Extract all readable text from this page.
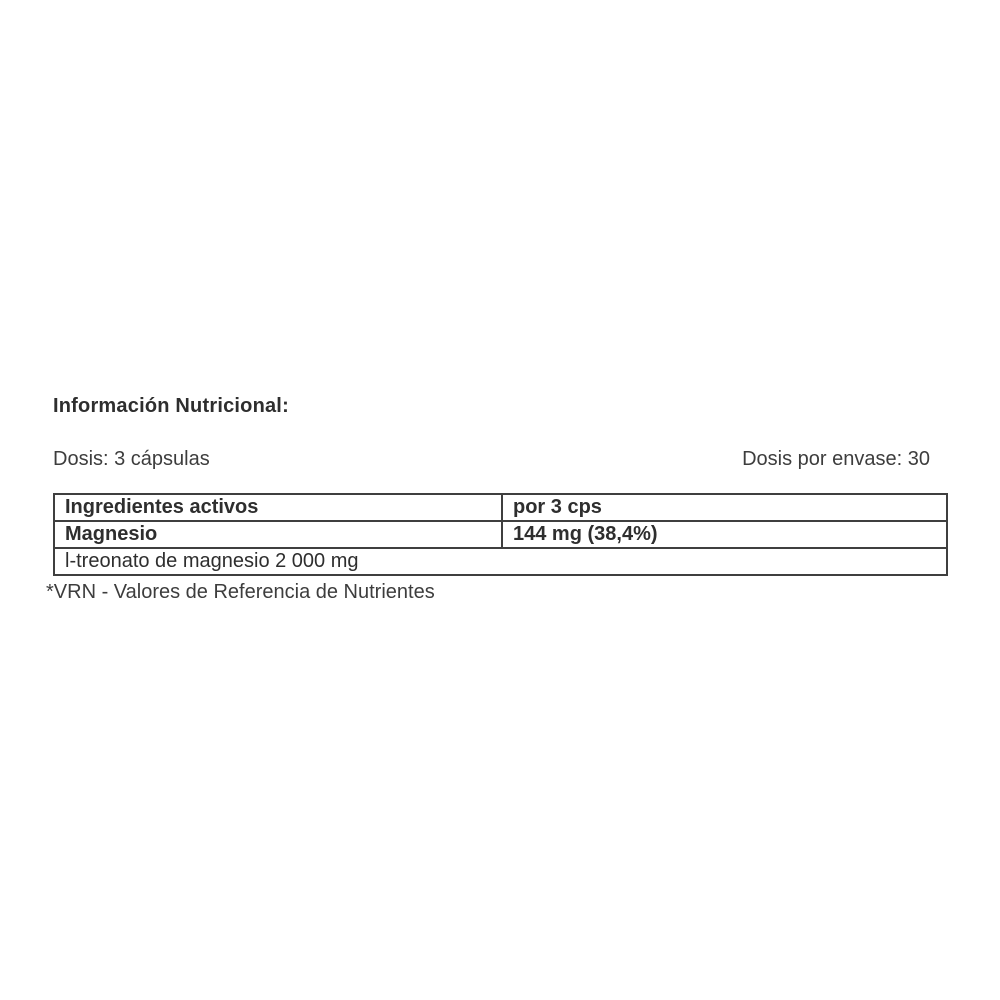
Información Nutricional:
Dosis: 3 cápsulas	Dosis por envase: 30
Ingredientes activos	por 3 cps
Magnesio	144 mg (38,4%)
l-treonato de magnesio 2 000 mg	
*VRN - Valores de Referencia de Nutrientes
